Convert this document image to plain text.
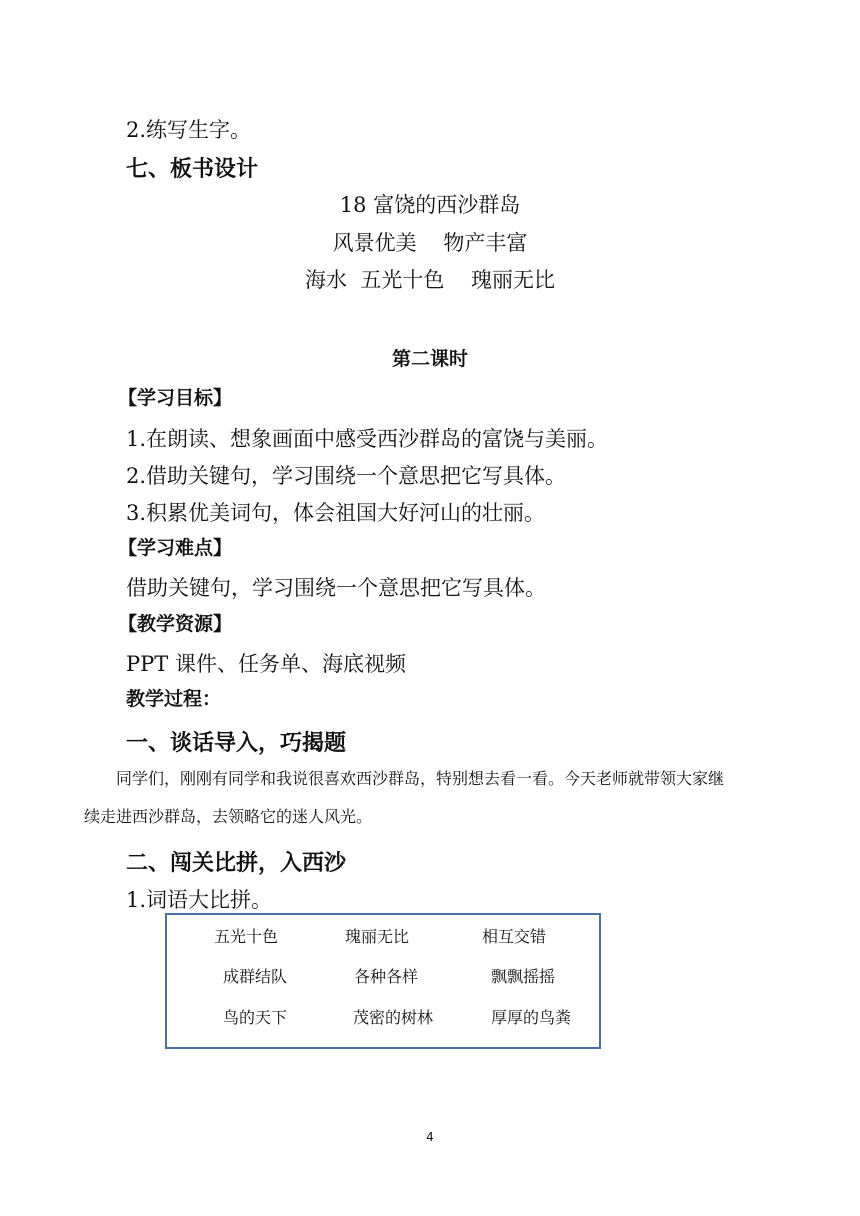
2.练写生字。
七、板书设计
18 富饶的西沙群岛
风景优美    物产丰富
海水  五光十色    瑰丽无比
第二课时
【学习目标】
1.在朗读、想象画面中感受西沙群岛的富饶与美丽。
2.借助关键句，学习围绕一个意思把它写具体。
3.积累优美词句，体会祖国大好河山的壮丽。
【学习难点】
借助关键句，学习围绕一个意思把它写具体。
【教学资源】
PPT 课件、任务单、海底视频
教学过程：
一、谈话导入，巧揭题
同学们，刚刚有同学和我说很喜欢西沙群岛，特别想去看一看。今天老师就带领大家继
续走进西沙群岛，去领略它的迷人风光。
二、闯关比拼，入西沙
1.词语大比拼。
五光十色	瑰丽无比	相互交错
成群结队	各种各样	飘飘摇摇
鸟的天下	茂密的树林	厚厚的鸟粪
4
